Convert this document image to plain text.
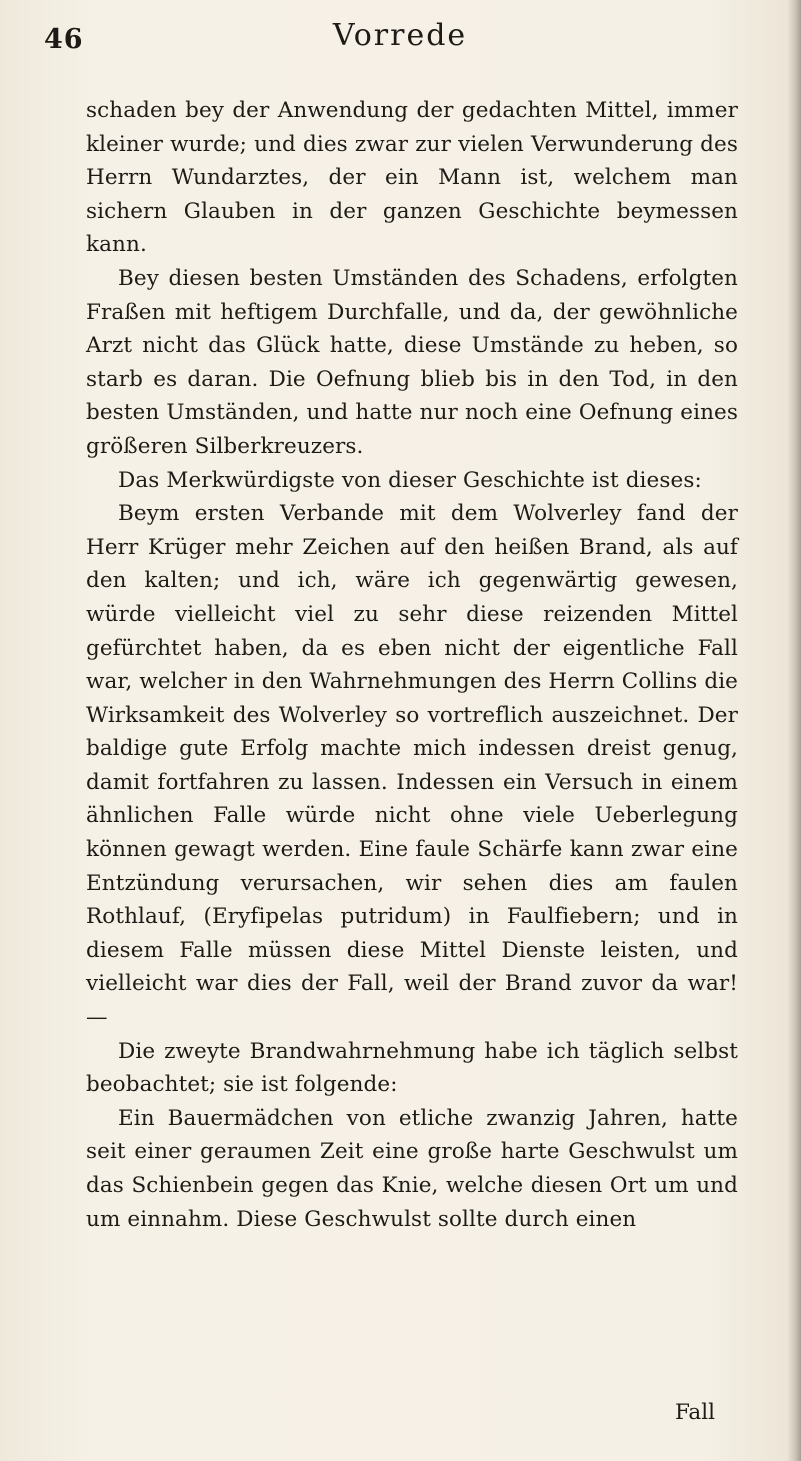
46	Vorrede

schaden bey der Anwendung der gedachten Mittel, immer kleiner wurde; und dies zwar zur vielen Verwunderung des Herrn Wundarztes, der ein Mann ist, welchem man sichern Glauben in der ganzen Geschichte beymessen kann.

Bey diesen besten Umständen des Schadens, erfolgten Fraßen mit heftigem Durchfalle, und da, der gewöhnliche Arzt nicht das Glück hatte, diese Umstände zu heben, so starb es daran. Die Oefnung blieb bis in den Tod, in den besten Umständen, und hatte nur noch eine Oefnung eines größeren Silberkreuzers.

Das Merkwürdigste von dieser Geschichte ist dieses:

Beym ersten Verbande mit dem Wolverley fand der Herr Krüger mehr Zeichen auf den heißen Brand, als auf den kalten; und ich, wäre ich gegenwärtig gewesen, würde vielleicht viel zu sehr diese reizenden Mittel gefürchtet haben, da es eben nicht der eigentliche Fall war, welcher in den Wahrnehmungen des Herrn Collins die Wirksamkeit des Wolverley so vortreflich auszeichnet. Der baldige gute Erfolg machte mich indessen dreist genug, damit fortfahren zu lassen. Indessen ein Versuch in einem ähnlichen Falle würde nicht ohne viele Ueberlegung können gewagt werden. Eine faule Schärfe kann zwar eine Entzündung verursachen, wir sehen dies am faulen Rothlauf, (Eryfipelas putridum) in Faulfiebern; und in diesem Falle müssen diese Mittel Dienste leisten, und vielleicht war dies der Fall, weil der Brand zuvor da war! —

Die zweyte Brandwahrnehmung habe ich täglich selbst beobachtet; sie ist folgende:

Ein Bauermädchen von etliche zwanzig Jahren, hatte seit einer geraumen Zeit eine große harte Geschwulst um das Schienbein gegen das Knie, welche diesen Ort um und um einnahm. Diese Geschwulst sollte durch einen

Fall
